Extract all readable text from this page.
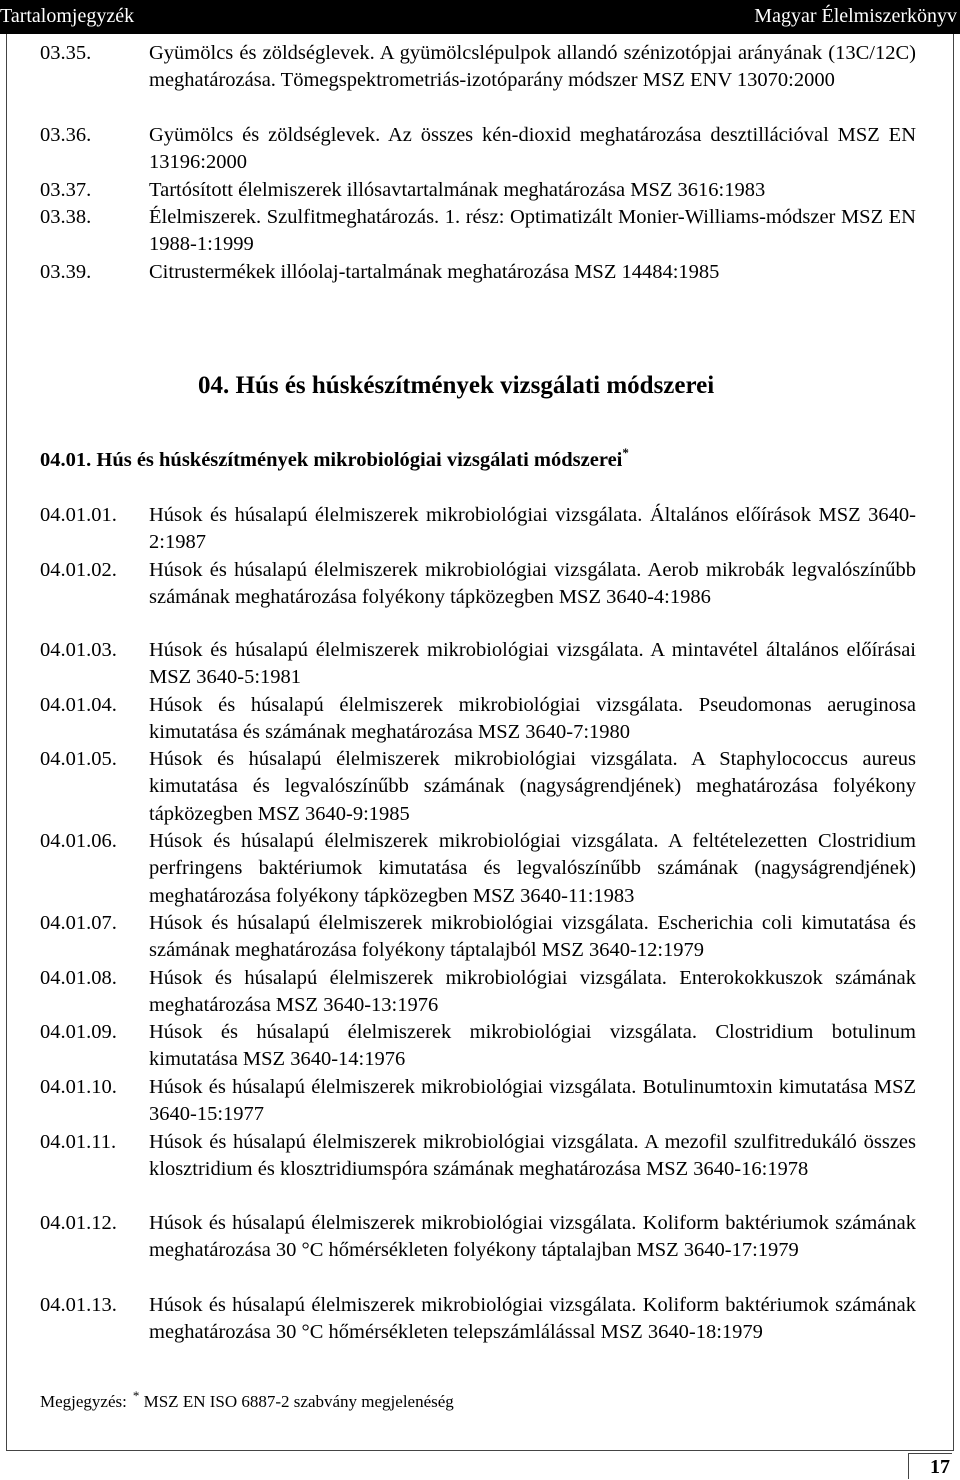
Tartalomjegyzék	Magyar Élelmiszerkönyv
03.35.	Gyümölcs és zöldséglevek. A gyümölcslépulpok allandó szénizotópjai arányának (13C/12C) meghatározása. Tömegspektrometriás-izotóparány módszer MSZ ENV 13070:2000
03.36.	Gyümölcs és zöldséglevek. Az összes kén-dioxid meghatározása desztillációval MSZ EN 13196:2000
03.37.	Tartósított élelmiszerek illósavtartalmának meghatározása MSZ 3616:1983
03.38.	Élelmiszerek. Szulfitmeghatározás. 1. rész: Optimatizált Monier-Williams-módszer MSZ EN 1988-1:1999
03.39.	Citrustermékek illóolaj-tartalmának meghatározása MSZ 14484:1985
04. Hús és húskészítmények vizsgálati módszerei
04.01. Hús és húskészítmények mikrobiológiai vizsgálati módszerei*
04.01.01. Húsok és húsalapú élelmiszerek mikrobiológiai vizsgálata. Általános előírások MSZ 3640-2:1987
04.01.02. Húsok és húsalapú élelmiszerek mikrobiológiai vizsgálata. Aerob mikrobák legvalószínűbb számának meghatározása folyékony tápközegben MSZ 3640-4:1986
04.01.03. Húsok és húsalapú élelmiszerek mikrobiológiai vizsgálata. A mintavétel általános előírásai MSZ 3640-5:1981
04.01.04. Húsok és húsalapú élelmiszerek mikrobiológiai vizsgálata. Pseudomonas aeruginosa kimutatása és számának meghatározása MSZ 3640-7:1980
04.01.05. Húsok és húsalapú élelmiszerek mikrobiológiai vizsgálata. A Staphylococcus aureus kimutatása és legvalószínűbb számának (nagyságrendjének) meghatározása folyékony tápközegben MSZ 3640-9:1985
04.01.06. Húsok és húsalapú élelmiszerek mikrobiológiai vizsgálata. A feltételezetten Clostridium perfringens baktériumok kimutatása és legvalószínűbb számának (nagyságrendjének) meghatározása folyékony tápközegben MSZ 3640-11:1983
04.01.07. Húsok és húsalapú élelmiszerek mikrobiológiai vizsgálata. Escherichia coli kimutatása és számának meghatározása folyékony táptalajból MSZ 3640-12:1979
04.01.08. Húsok és húsalapú élelmiszerek mikrobiológiai vizsgálata. Enterokokkuszok számának meghatározása MSZ 3640-13:1976
04.01.09. Húsok és húsalapú élelmiszerek mikrobiológiai vizsgálata. Clostridium botulinum kimutatása MSZ 3640-14:1976
04.01.10. Húsok és húsalapú élelmiszerek mikrobiológiai vizsgálata. Botulinumtoxin kimutatása MSZ 3640-15:1977
04.01.11. Húsok és húsalapú élelmiszerek mikrobiológiai vizsgálata. A mezofil szulfitredukáló összes klosztridium és klosztridiumspóra számának meghatározása MSZ 3640-16:1978
04.01.12. Húsok és húsalapú élelmiszerek mikrobiológiai vizsgálata. Koliform baktériumok számának meghatározása 30 °C hőmérsékleten folyékony táptalajban MSZ 3640-17:1979
04.01.13. Húsok és húsalapú élelmiszerek mikrobiológiai vizsgálata. Koliform baktériumok számának meghatározása 30 °C hőmérsékleten telepszámlálással MSZ 3640-18:1979
Megjegyzés: * MSZ EN ISO 6887-2 szabvány megjelenéség
17
